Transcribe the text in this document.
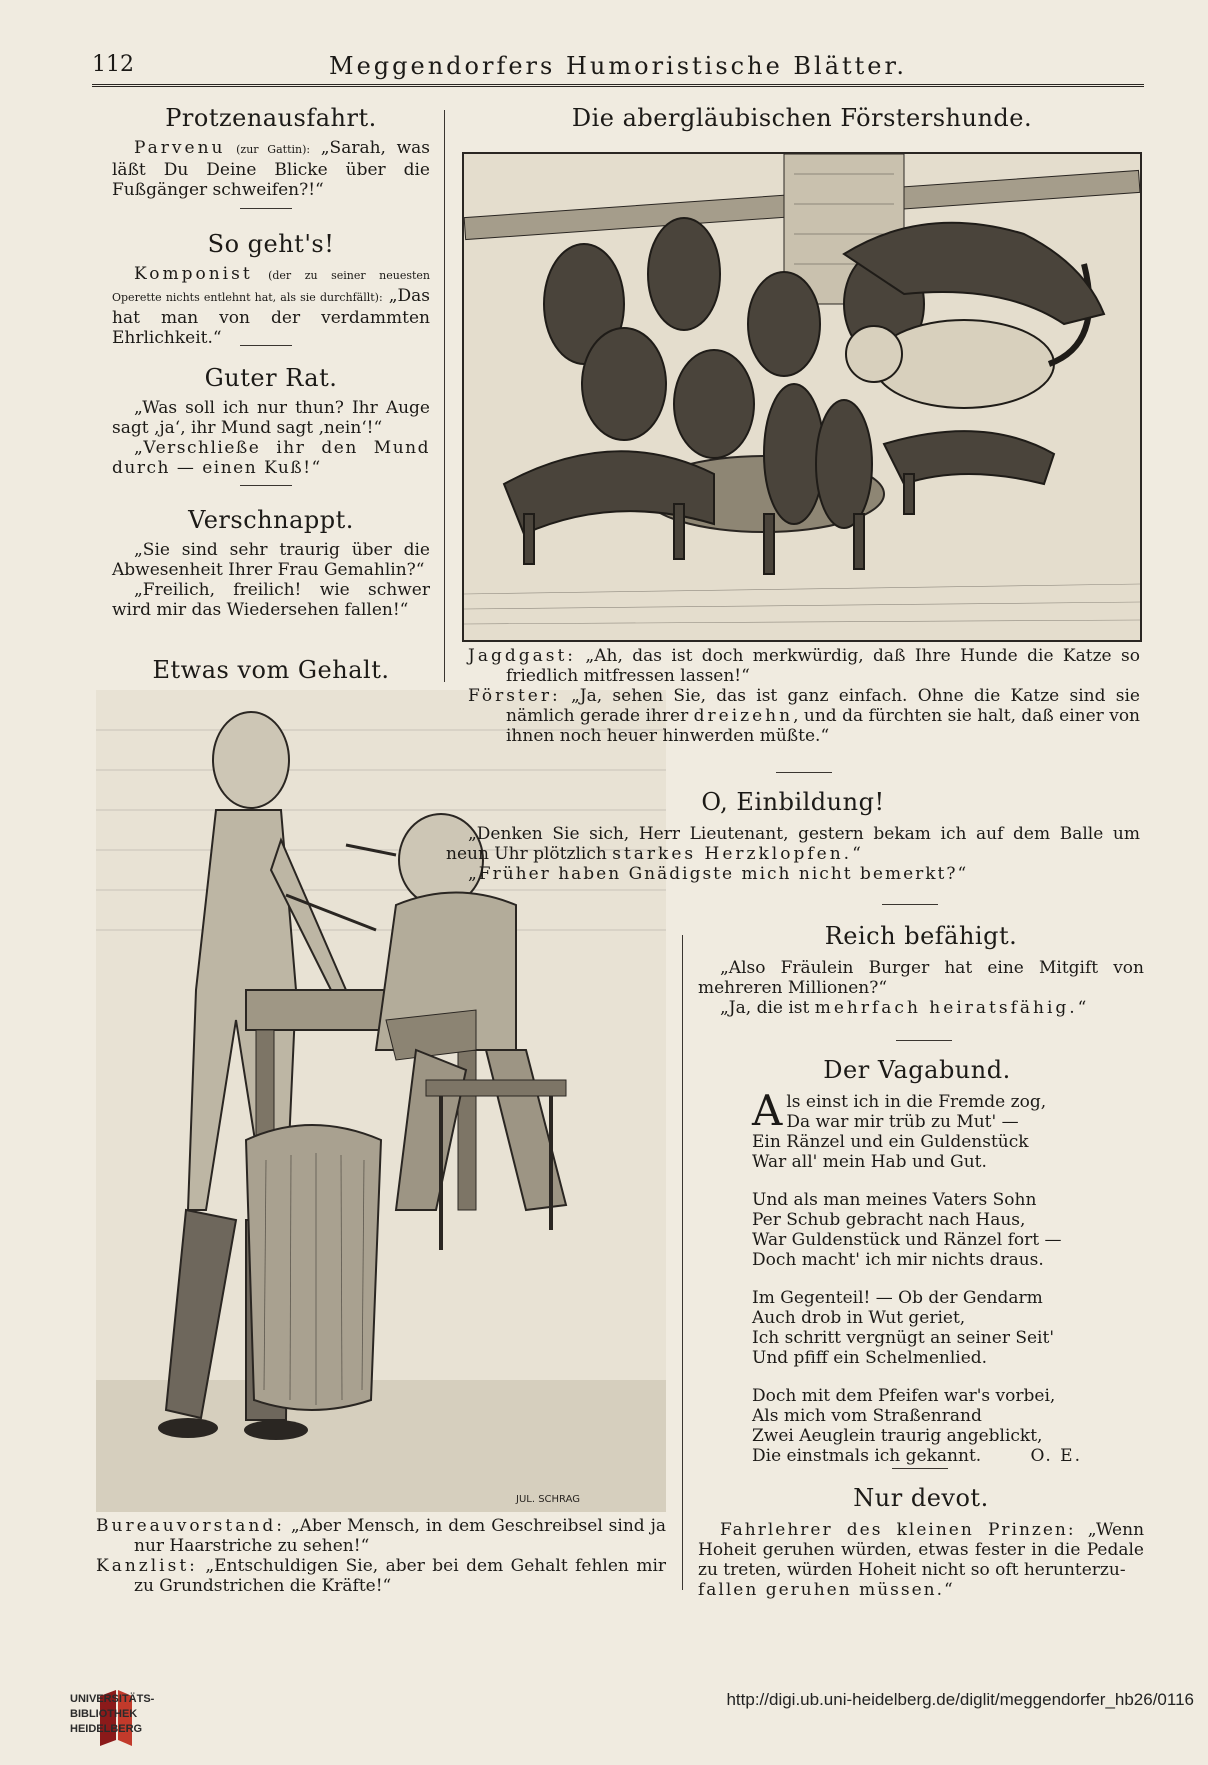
112	Meggendorfers Humoristische Blätter.
Protzenausfahrt.

Parvenu (zur Gattin): „Sarah, was läßt Du Deine Blicke über die Fußgänger schweifen?!“

So geht's!

Komponist (der zu seiner neuesten Operette nichts entlehnt hat, als sie durchfällt): „Das hat man von der verdammten Ehrlichkeit.“

Guter Rat.

„Was soll ich nur thun? Ihr Auge sagt ‚ja‘, ihr Mund sagt ‚nein‘!“

„Verschließe ihr den Mund durch — einen Kuß!“

Verschnappt.

„Sie sind sehr traurig über die Abwesenheit Ihrer Frau Gemahlin?“

„Freilich, freilich! wie schwer wird mir das Wiedersehen fallen!“

Etwas vom Gehalt.
JUL. SCHRAG

Bureauvorstand: „Aber Mensch, in dem Geschreibsel sind ja nur Haarstriche zu sehen!“

Kanzlist: „Entschuldigen Sie, aber bei dem Gehalt fehlen mir zu Grundstrichen die Kräfte!“

Die abergläubischen Förstershunde.

Jagdgast: „Ah, das ist doch merkwürdig, daß Ihre Hunde die Katze so friedlich mitfressen lassen!“

Förster: „Ja, sehen Sie, das ist ganz einfach. Ohne die Katze sind sie nämlich gerade ihrer dreizehn, und da fürchten sie halt, daß einer von ihnen noch heuer hinwerden müßte.“

O, Einbildung!

„Denken Sie sich, Herr Lieutenant, gestern bekam ich auf dem Balle um neun Uhr plötzlich starkes Herzklopfen.“

„Früher haben Gnädigste mich nicht bemerkt?“

Reich befähigt.

„Also Fräulein Burger hat eine Mitgift von mehreren Millionen?“

„Ja, die ist mehrfach heiratsfähig.“

Der Vagabund.
A ls einst ich in die Fremde zog,

Da war mir trüb zu Mut' —

Ein Ränzel und ein Guldenstück

War all' mein Hab und Gut.

Und als man meines Vaters Sohn

Per Schub gebracht nach Haus,

War Guldenstück und Ränzel fort —

Doch macht' ich mir nichts draus.

Im Gegenteil! — Ob der Gendarm

Auch drob in Wut geriet,

Ich schritt vergnügt an seiner Seit'

Und pfiff ein Schelmenlied.

Doch mit dem Pfeifen war's vorbei,

Als mich vom Straßenrand

Zwei Aeuglein traurig angeblickt,

Die einstmals ich gekannt.	O. E.

Nur devot.

Fahrlehrer des kleinen Prinzen: „Wenn Hoheit geruhen würden, etwas fester in die Pedale zu treten, würden Hoheit nicht so oft herunterzu-

fallen geruhen müssen.“

UNIVERSITÄTS-
BIBLIOTHEK
HEIDELBERG
http://digi.ub.uni-heidelberg.de/diglit/meggendorfer_hb26/0116
